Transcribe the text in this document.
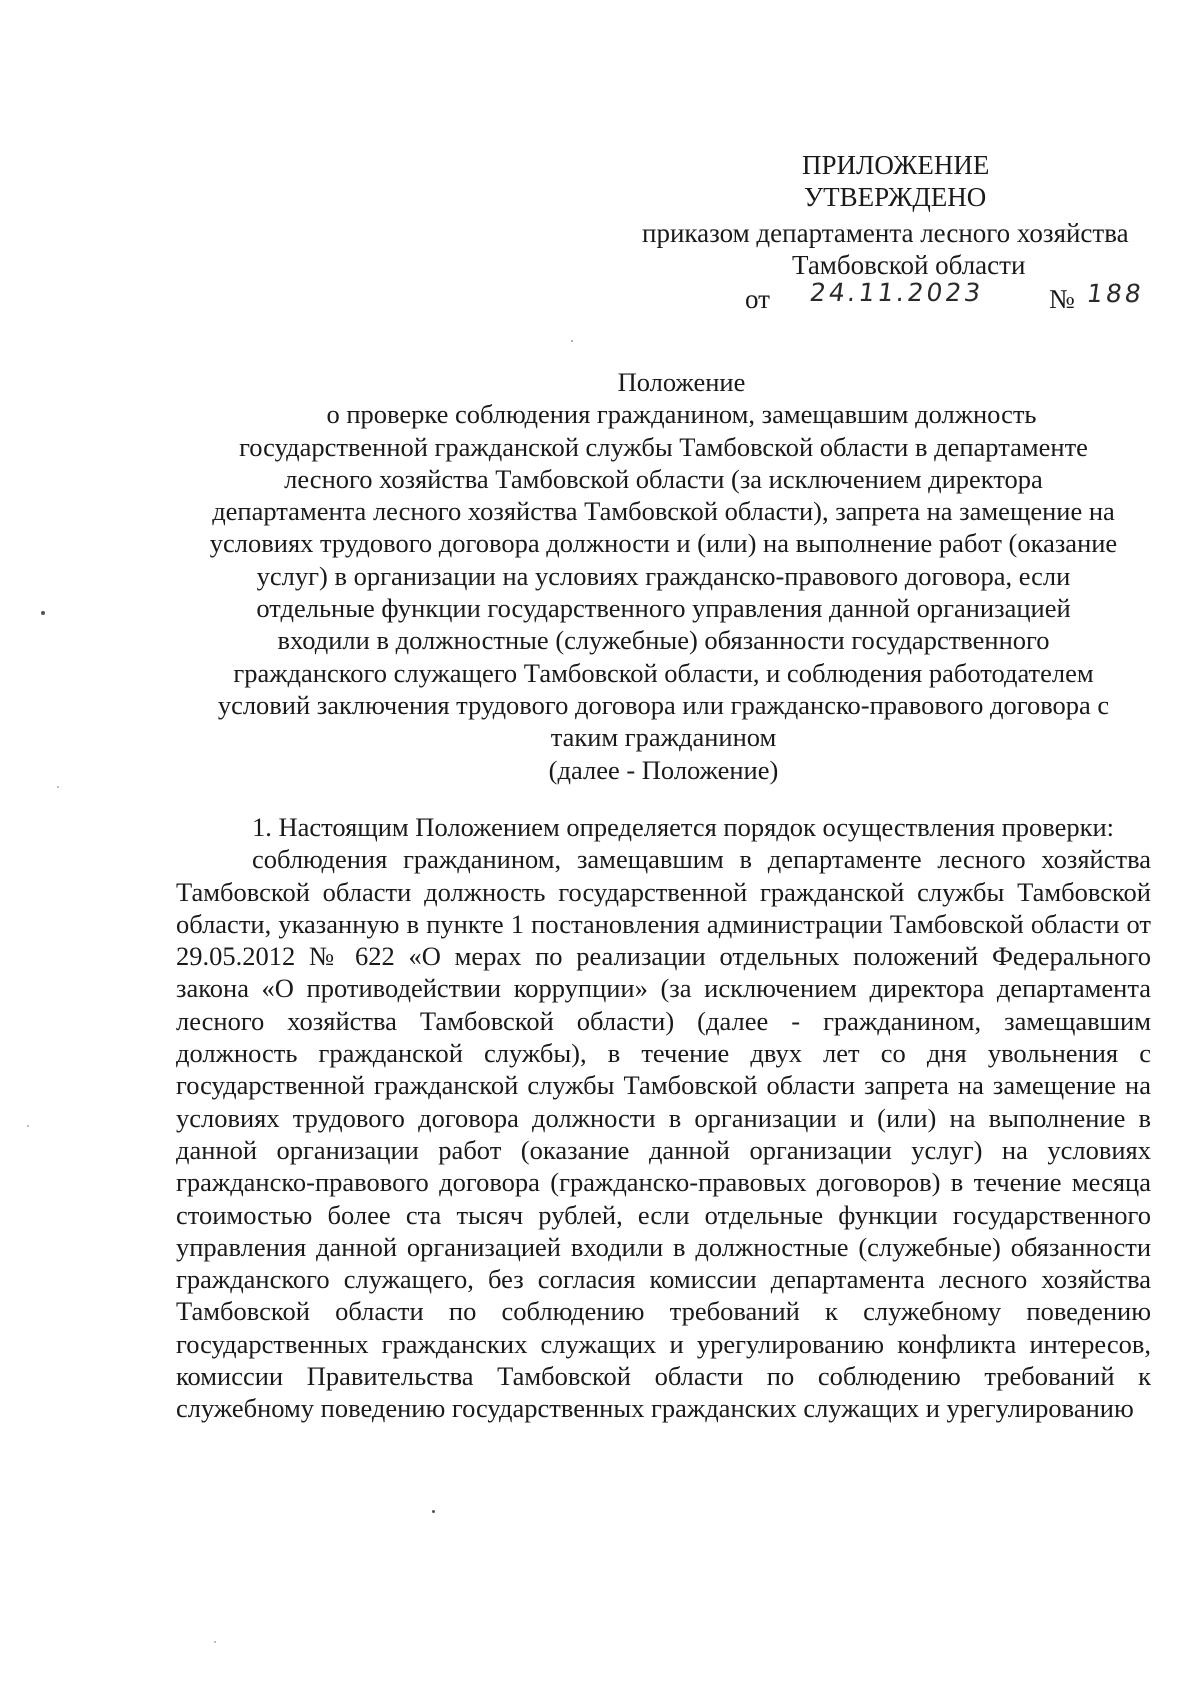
ПРИЛОЖЕНИЕ
УТВЕРЖДЕНО
приказом департамента лесного хозяйства
Тамбовской области
от 24.11.2023 № 188
Положение
о проверке соблюдения гражданином, замещавшим должность
государственной гражданской службы Тамбовской области в департаменте
лесного хозяйства Тамбовской области (за исключением директора
департамента лесного хозяйства Тамбовской области), запрета на замещение на
условиях трудового договора должности и (или) на выполнение работ (оказание
услуг) в организации на условиях гражданско-правового договора, если
отдельные функции государственного управления данной организацией
входили в должностные (служебные) обязанности государственного
гражданского служащего Тамбовской области, и соблюдения работодателем
условий заключения трудового договора или гражданско-правового договора с
таким гражданином
(далее - Положение)

1. Настоящим Положением определяется порядок осуществления проверки:

соблюдения гражданином, замещавшим в департаменте лесного хозяйства Тамбовской области должность государственной гражданской службы Тамбовской области, указанную в пункте 1 постановления администрации Тамбовской области от 29.05.2012 № 622 «О мерах по реализации отдельных положений Федерального закона «О противодействии коррупции» (за исключением директора департамента лесного хозяйства Тамбовской области) (далее - гражданином, замещавшим должность гражданской службы), в течение двух лет со дня увольнения с государственной гражданской службы Тамбовской области запрета на замещение на условиях трудового договора должности в организации и (или) на выполнение в данной организации работ (оказание данной организации услуг) на условиях гражданско-правового договора (гражданско-правовых договоров) в течение месяца стоимостью более ста тысяч рублей, если отдельные функции государственного управления данной организацией входили в должностные (служебные) обязанности гражданского служащего, без согласия комиссии департамента лесного хозяйства Тамбовской области по соблюдению требований к служебному поведению государственных гражданских служащих и урегулированию конфликта интересов, комиссии Правительства Тамбовской области по соблюдению требований к служебному поведению государственных гражданских служащих и урегулированию
